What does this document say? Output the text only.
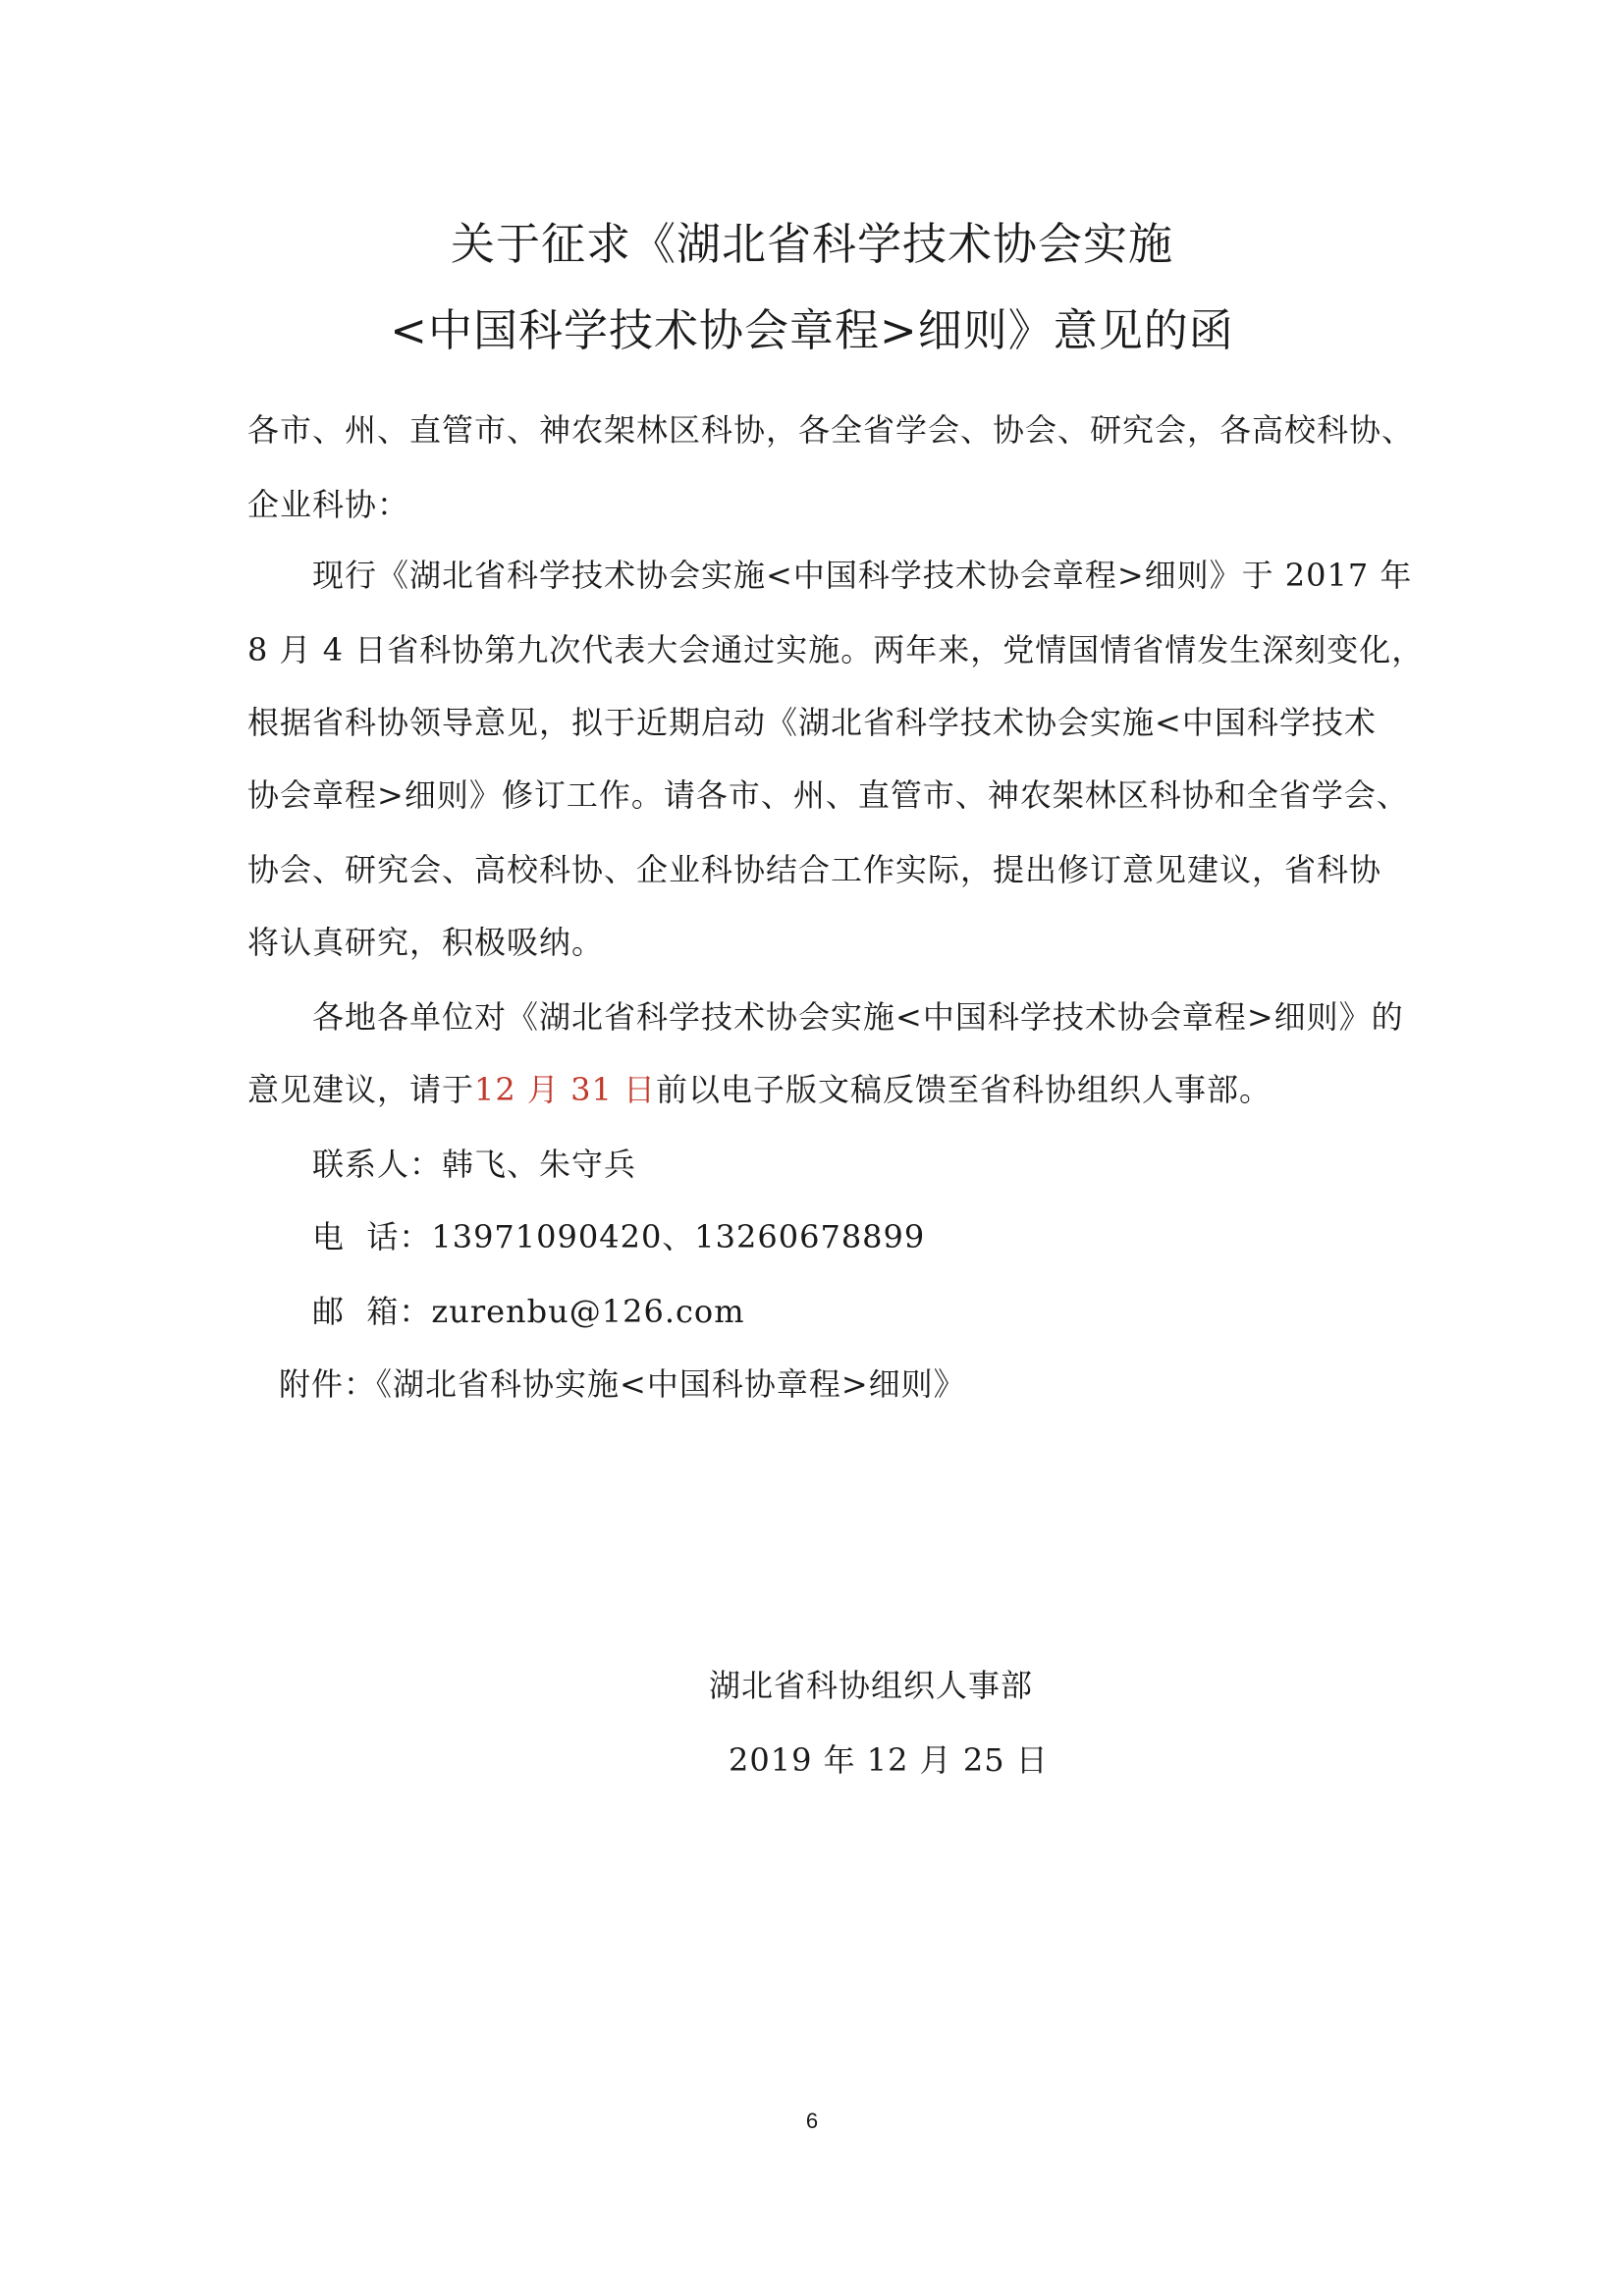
关于征求《湖北省科学技术协会实施
<中国科学技术协会章程>细则》意见的函
各市、州、直管市、神农架林区科协，各全省学会、协会、研究会，各高校科协、
企业科协：
现行《湖北省科学技术协会实施<中国科学技术协会章程>细则》于 2017 年
8 月 4 日省科协第九次代表大会通过实施。两年来，党情国情省情发生深刻变化，
根据省科协领导意见，拟于近期启动《湖北省科学技术协会实施<中国科学技术
协会章程>细则》修订工作。请各市、州、直管市、神农架林区科协和全省学会、
协会、研究会、高校科协、企业科协结合工作实际，提出修订意见建议，省科协
将认真研究，积极吸纳。
各地各单位对《湖北省科学技术协会实施<中国科学技术协会章程>细则》的
意见建议，请于12 月 31 日前以电子版文稿反馈至省科协组织人事部。
联系人：韩飞、朱守兵
电  话：13971090420、13260678899
邮  箱：zurenbu@126.com
附件：《湖北省科协实施<中国科协章程>细则》
湖北省科协组织人事部
2019 年 12 月 25 日
6
